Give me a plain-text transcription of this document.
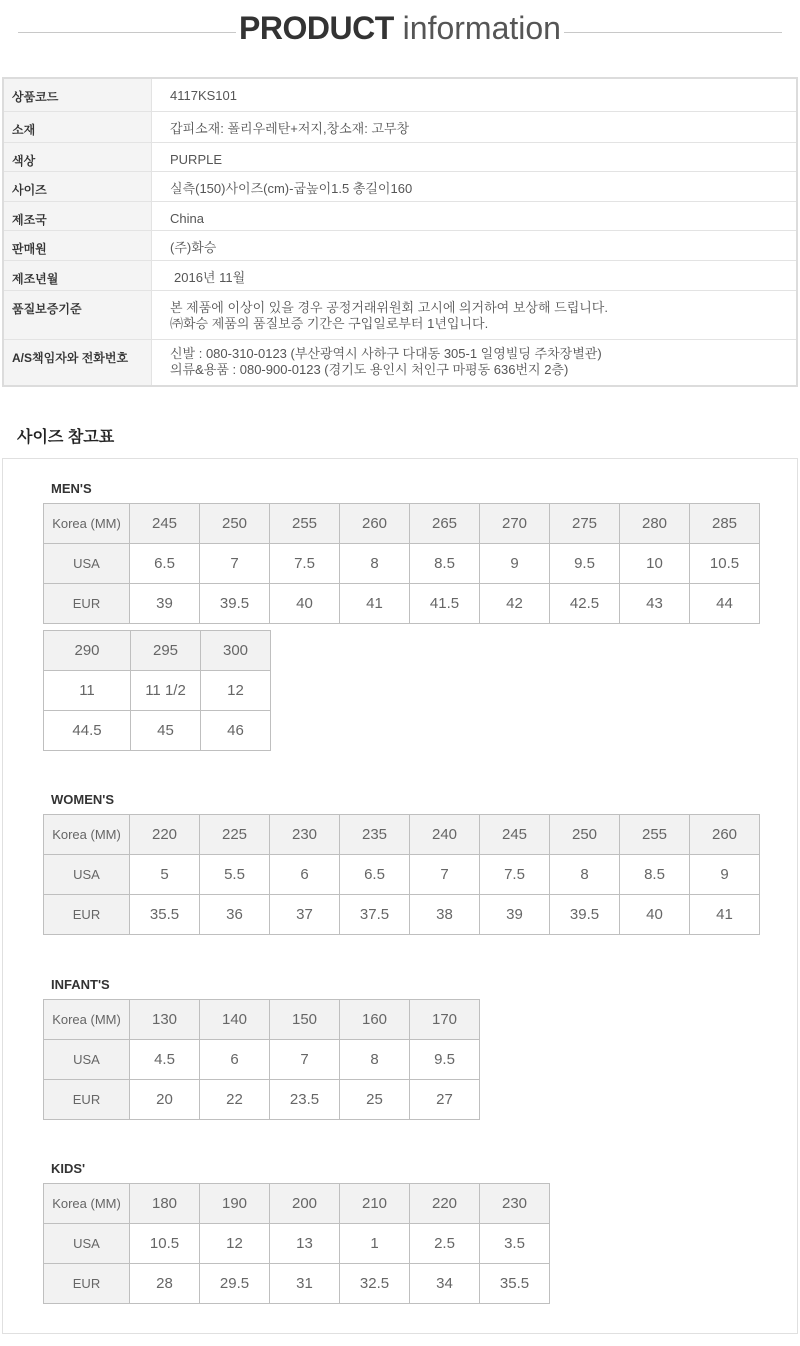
PRODUCT information
상품코드	4117KS101
소재	갑피소재: 폴리우레탄+저지,창소재: 고무창
색상	PURPLE
사이즈	실측(150)사이즈(cm)-굽높이1.5 총길이160
제조국	China
판매원	(주)화승
제조년월	2016년 11월
품질보증기준	본 제품에 이상이 있을 경우 공정거래위원회 고시에 의거하여 보상해 드립니다.
㈜화승 제품의 품질보증 기간은 구입일로부터 1년입니다.
A/S책임자와 전화번호	신발 : 080-310-0123 (부산광역시 사하구 다대동 305-1 일영빌딩 주차장별관)
의류&용품 : 080-900-0123 (경기도 용인시 처인구 마평동 636번지 2층)
사이즈 참고표
MEN'S
Korea (MM)	245	250	255	260	265	270	275	280	285
USA	6.5	7	7.5	8	8.5	9	9.5	10	10.5
EUR	39	39.5	40	41	41.5	42	42.5	43	44
290	295	300
11	11 1/2	12
44.5	45	46
WOMEN'S
Korea (MM)	220	225	230	235	240	245	250	255	260
USA	5	5.5	6	6.5	7	7.5	8	8.5	9
EUR	35.5	36	37	37.5	38	39	39.5	40	41
INFANT'S
Korea (MM)	130	140	150	160	170
USA	4.5	6	7	8	9.5
EUR	20	22	23.5	25	27
KIDS'
Korea (MM)	180	190	200	210	220	230
USA	10.5	12	13	1	2.5	3.5
EUR	28	29.5	31	32.5	34	35.5
